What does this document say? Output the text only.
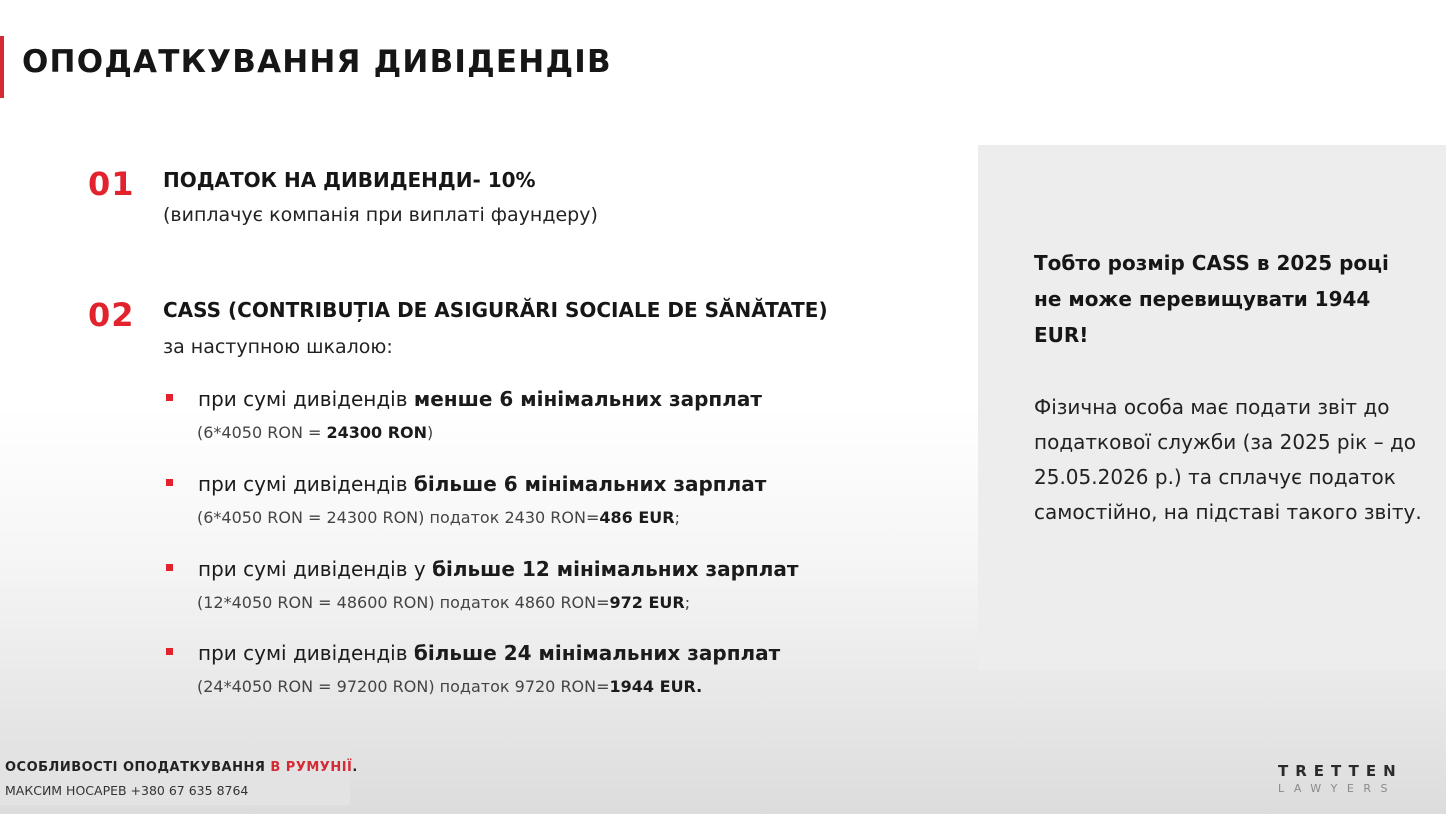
ОПОДАТКУВАННЯ ДИВІДЕНДІВ
01 ПОДАТОК НА ДИВИДЕНДИ- 10%
(виплачує компанія при виплаті фаундеру)
02 CASS (CONTRIBUȚIA DE ASIGURĂRI SOCIALE DE SĂNĂTATE)
за наступною шкалою:
при сумі дивідендів менше 6 мінімальних зарплат
(6*4050 RON = 24300 RON)
при сумі дивідендів більше 6 мінімальних зарплат
(6*4050 RON = 24300 RON) податок 2430 RON=486 EUR;
при сумі дивідендів у більше 12 мінімальних зарплат
(12*4050 RON = 48600 RON) податок 4860 RON=972 EUR;
при сумі дивідендів більше 24 мінімальних зарплат
(24*4050 RON = 97200 RON) податок 9720 RON=1944 EUR.
Тобто розмір CASS в 2025 році не може перевищувати 1944 EUR!
Фізична особа має подати звіт до податкової служби (за 2025 рік – до 25.05.2026 р.) та сплачує податок самостійно, на підставі такого звіту.
ОСОБЛИВОСТІ ОПОДАТКУВАННЯ В РУМУНІЇ.
МАКСИМ НОСАРЕВ +380 67 635 8764
TRETTEN
LAWYERS
